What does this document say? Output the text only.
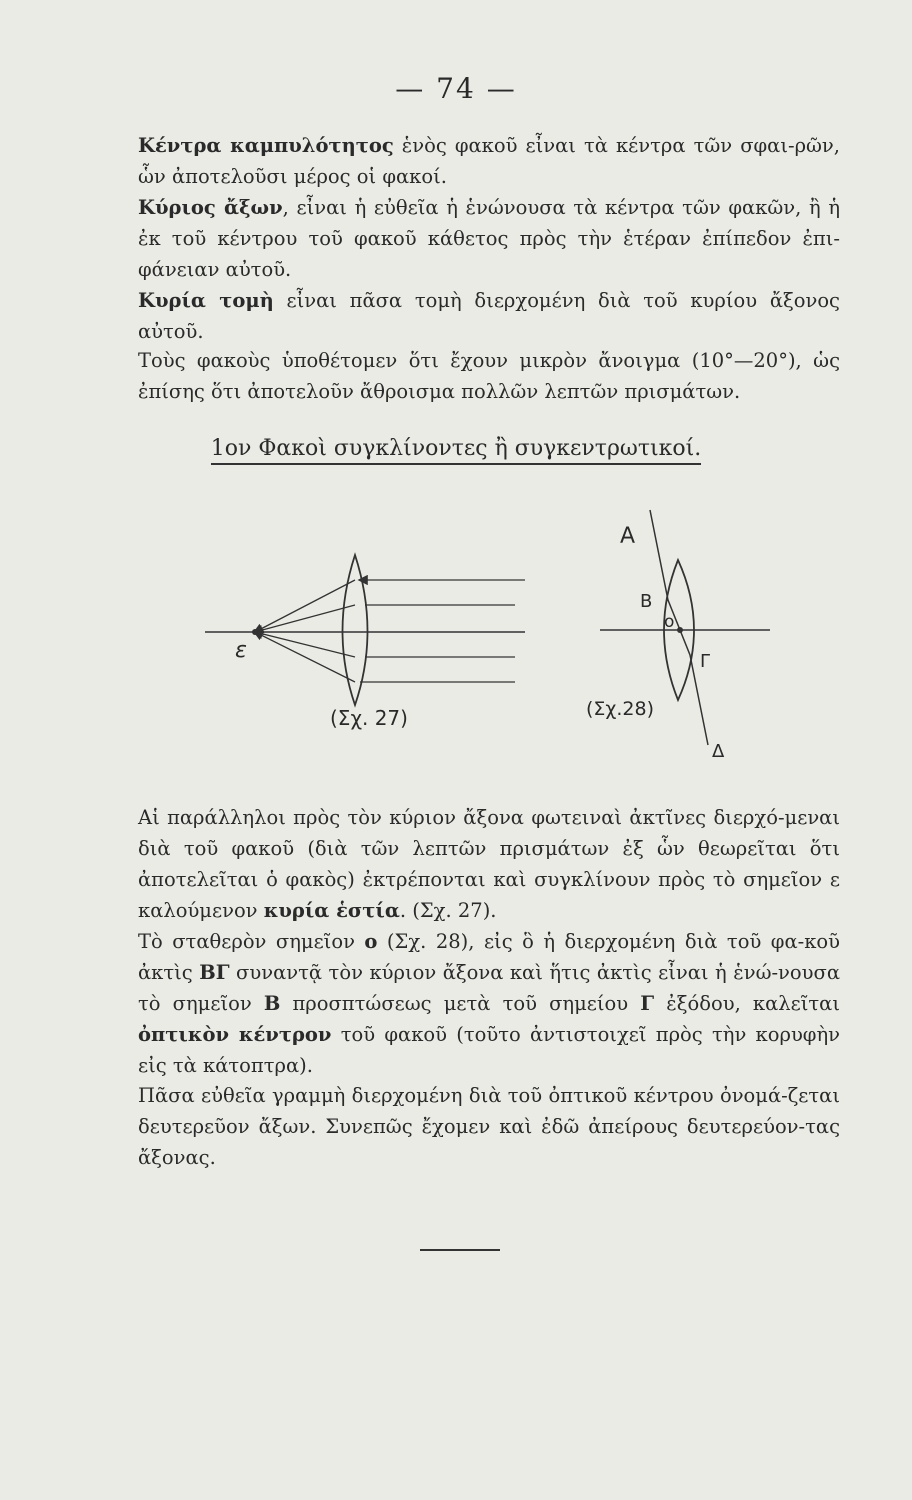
— 74 —
Κέντρα καμπυλότητος ἑνὸς φακοῦ εἶναι τὰ κέντρα τῶν σφαι-ρῶν, ὧν ἀποτελοῦσι μέρος οἱ φακοί.
Κύριος ἄξων, εἶναι ἡ εὐθεῖα ἡ ἑνώνουσα τὰ κέντρα τῶν φακῶν, ἢ ἡ ἐκ τοῦ κέντρου τοῦ φακοῦ κάθετος πρὸς τὴν ἑτέραν ἐπίπεδον ἐπι-φάνειαν αὐτοῦ.
Κυρία τομὴ εἶναι πᾶσα τομὴ διερχομένη διὰ τοῦ κυρίου ἄξονος αὐτοῦ.
Τοὺς φακοὺς ὑποθέτομεν ὅτι ἔχουν μικρὸν ἄνοιγμα (10°—20°), ὡς ἐπίσης ὅτι ἀποτελοῦν ἄθροισμα πολλῶν λεπτῶν πρισμάτων.
1ον Φακοὶ συγκλίνοντες ἢ συγκεντρωτικοί.
ε
(Σχ. 27)
Α
Β
ο
Γ
Δ
(Σχ.28)
Αἱ παράλληλοι πρὸς τὸν κύριον ἄξονα φωτειναὶ ἀκτῖνες διερχό-μεναι διὰ τοῦ φακοῦ (διὰ τῶν λεπτῶν πρισμάτων ἐξ ὧν θεωρεῖται ὅτι ἀποτελεῖται ὁ φακὸς) ἐκτρέπονται καὶ συγκλίνουν πρὸς τὸ σημεῖον ε καλούμενον κυρία ἑστία. (Σχ. 27).
Τὸ σταθερὸν σημεῖον ο (Σχ. 28), εἰς ὃ ἡ διερχομένη διὰ τοῦ φα-κοῦ ἀκτὶς ΒΓ συναντᾷ τὸν κύριον ἄξονα καὶ ἥτις ἀκτὶς εἶναι ἡ ἑνώ-νουσα τὸ σημεῖον Β προσπτώσεως μετὰ τοῦ σημείου Γ ἐξόδου, καλεῖται ὀπτικὸν κέντρον τοῦ φακοῦ (τοῦτο ἀντιστοιχεῖ πρὸς τὴν κορυφὴν εἰς τὰ κάτοπτρα).
Πᾶσα εὐθεῖα γραμμὴ διερχομένη διὰ τοῦ ὀπτικοῦ κέντρου ὀνομά-ζεται δευτερεῦον ἄξων. Συνεπῶς ἔχομεν καὶ ἐδῶ ἀπείρους δευτερεύον-τας ἄξονας.
